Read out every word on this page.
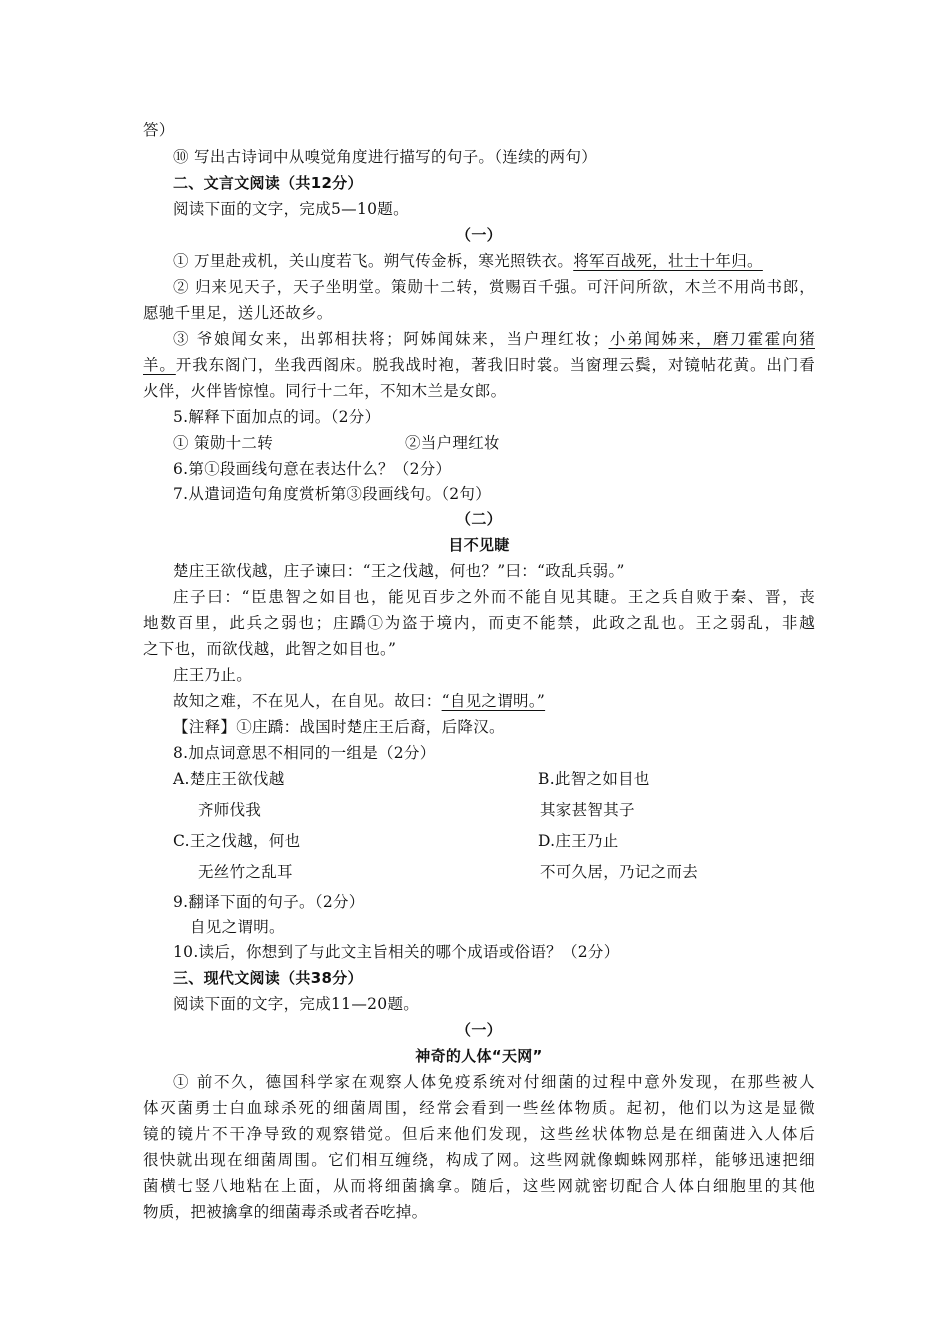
答）
⑩ 写出古诗词中从嗅觉角度进行描写的句子。（连续的两句）
二、文言文阅读（共12分）
阅读下面的文字，完成5—10题。
（一）
① 万里赴戎机，关山度若飞。朔气传金柝，寒光照铁衣。将军百战死，壮士十年归。
② 归来见天子，天子坐明堂。策勋十二转，赏赐百千强。可汗问所欲，木兰不用尚书郎，
愿驰千里足，送儿还故乡。
③ 爷娘闻女来，出郭相扶将；阿姊闻妹来，当户理红妆；小弟闻姊来，磨刀霍霍向猪
羊。开我东阁门，坐我西阁床。脱我战时袍，著我旧时裳。当窗理云鬓，对镜帖花黄。出门看
火伴，火伴皆惊惶。同行十二年，不知木兰是女郎。
5.解释下面加点的词。（2分）
① 策勋十二转	②当户理红妆
6.第①段画线句意在表达什么？（2分）
7.从遣词造句角度赏析第③段画线句。（2句）
（二）
目不见睫
楚庄王欲伐越，庄子谏曰：“王之伐越，何也？”曰：“政乱兵弱。”
庄子曰：“臣患智之如目也，能见百步之外而不能自见其睫。王之兵自败于秦、晋，丧
地数百里，此兵之弱也；庄蹻①为盗于境内，而吏不能禁，此政之乱也。王之弱乱，非越
之下也，而欲伐越，此智之如目也。”
庄王乃止。
故知之难，不在见人，在自见。故曰：“自见之谓明。”
【注释】①庄蹻：战国时楚庄王后裔，后降汉。
8.加点词意思不相同的一组是（2分）
A.楚庄王欲伐越	B.此智之如目也
齐师伐我	其家甚智其子
C.王之伐越，何也	D.庄王乃止
无丝竹之乱耳	不可久居，乃记之而去
9.翻译下面的句子。（2分）
自见之谓明。
10.读后，你想到了与此文主旨相关的哪个成语或俗语？（2分）
三、现代文阅读（共38分）
阅读下面的文字，完成11—20题。
（一）
神奇的人体“天网”
① 前不久，德国科学家在观察人体免疫系统对付细菌的过程中意外发现，在那些被人
体灭菌勇士白血球杀死的细菌周围，经常会看到一些丝体物质。起初，他们以为这是显微
镜的镜片不干净导致的观察错觉。但后来他们发现，这些丝状体物总是在细菌进入人体后
很快就出现在细菌周围。它们相互缠绕，构成了网。这些网就像蜘蛛网那样，能够迅速把细
菌横七竖八地粘在上面，从而将细菌擒拿。随后，这些网就密切配合人体白细胞里的其他
物质，把被擒拿的细菌毒杀或者吞吃掉。
